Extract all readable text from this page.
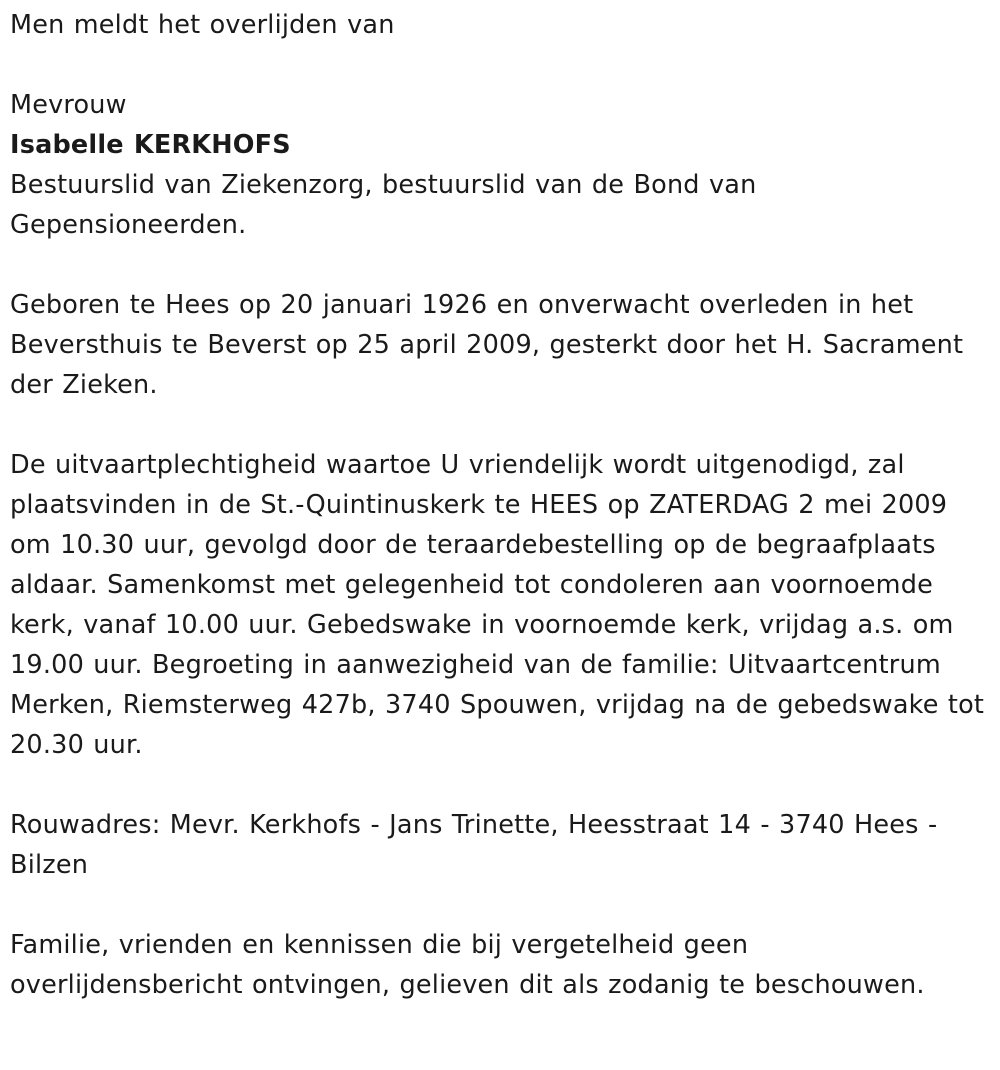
Men meldt het overlijden van

Mevrouw

Isabelle KERKHOFS

Bestuurslid van Ziekenzorg, bestuurslid van de Bond van
Gepensioneerden.

Geboren te Hees op 20 januari 1926 en onverwacht overleden in het
Beversthuis te Beverst op 25 april 2009, gesterkt door het H. Sacrament
der Zieken.

De uitvaartplechtigheid waartoe U vriendelijk wordt uitgenodigd, zal
plaatsvinden in de St.-Quintinuskerk te HEES op ZATERDAG 2 mei 2009
om 10.30 uur, gevolgd door de teraardebestelling op de begraafplaats
aldaar. Samenkomst met gelegenheid tot condoleren aan voornoemde
kerk, vanaf 10.00 uur. Gebedswake in voornoemde kerk, vrijdag a.s. om
19.00 uur. Begroeting in aanwezigheid van de familie: Uitvaartcentrum
Merken, Riemsterweg 427b, 3740 Spouwen, vrijdag na de gebedswake tot
20.30 uur.

Rouwadres: Mevr. Kerkhofs - Jans Trinette, Heesstraat 14 - 3740 Hees -
Bilzen

Familie, vrienden en kennissen die bij vergetelheid geen
overlijdensbericht ontvingen, gelieven dit als zodanig te beschouwen.
